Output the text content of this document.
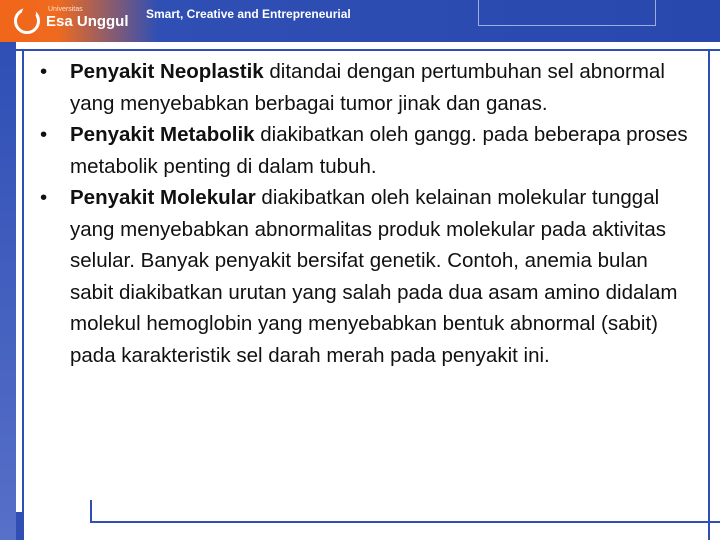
Universitas
Esa Unggul Smart, Creative and Entrepreneurial
•	Penyakit Neoplastik ditandai dengan pertumbuhan sel abnormal yang menyebabkan berbagai tumor jinak dan ganas.
•	Penyakit Metabolik diakibatkan oleh gangg. pada beberapa proses metabolik penting di dalam tubuh.
•	Penyakit Molekular diakibatkan oleh kelainan molekular tunggal yang menyebabkan abnormalitas produk molekular pada aktivitas selular. Banyak penyakit bersifat genetik. Contoh, anemia bulan sabit diakibatkan urutan yang salah pada dua asam amino didalam molekul hemoglobin yang menyebabkan bentuk abnormal (sabit) pada karakteristik sel darah merah pada penyakit ini.
